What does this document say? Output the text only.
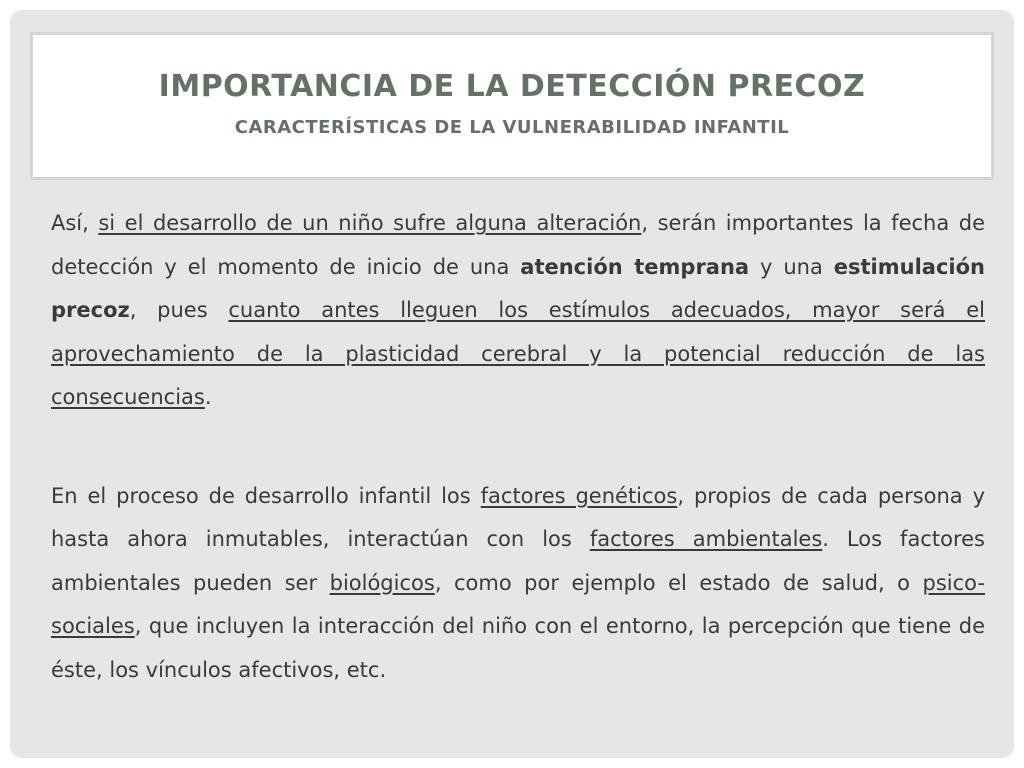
IMPORTANCIA DE LA DETECCIÓN PRECOZ
CARACTERÍSTICAS DE LA VULNERABILIDAD INFANTIL

Así, si el desarrollo de un niño sufre alguna alteración, serán importantes la fecha de detección y el momento de inicio de una atención temprana y una estimulación precoz, pues cuanto antes lleguen los estímulos adecuados, mayor será el aprovechamiento de la plasticidad cerebral y la potencial reducción de las consecuencias.

En el proceso de desarrollo infantil los factores genéticos, propios de cada persona y hasta ahora inmutables, interactúan con los factores ambientales. Los factores ambientales pueden ser biológicos, como por ejemplo el estado de salud, o psico-sociales, que incluyen la interacción del niño con el entorno, la percepción que tiene de éste, los vínculos afectivos, etc.
